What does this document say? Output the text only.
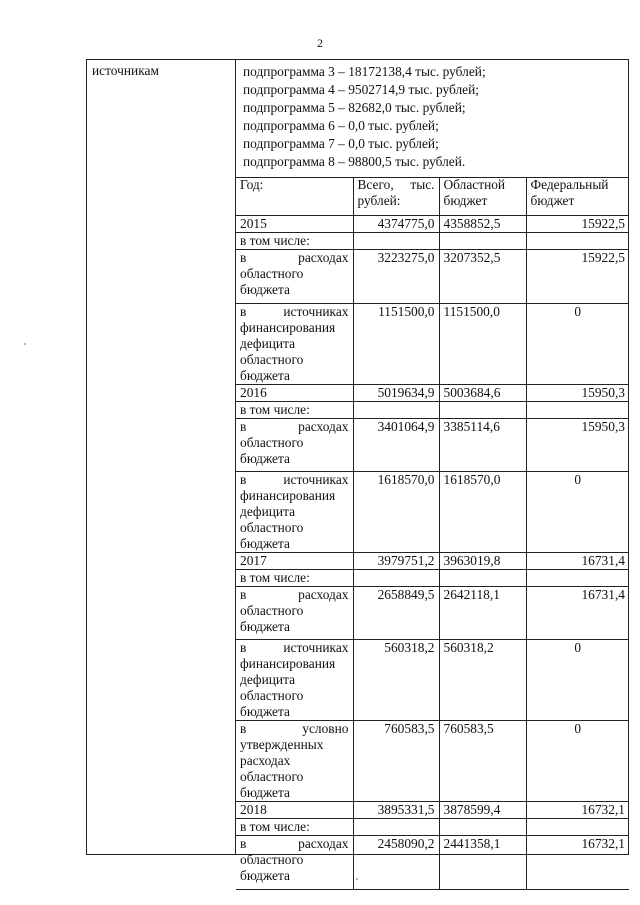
2
источникам	подпрограмма 3 – 18172138,4 тыс. рублей;
подпрограмма 4 – 9502714,9 тыс. рублей;
подпрограмма 5 – 82682,0 тыс. рублей;
подпрограмма 6 – 0,0 тыс. рублей;
подпрограмма 7 – 0,0 тыс. рублей;
подпрограмма 8 – 98800,5 тыс. рублей.
Год:	Всего, тыс. рублей:	Областной бюджет	Федеральный бюджет
2015	4374775,0	4358852,5	15922,5
в том числе:			
в расходах областного бюджета	3223275,0	3207352,5	15922,5
в источниках финансирования дефицита областного бюджета	1151500,0	1151500,0	0
2016	5019634,9	5003684,6	15950,3
в том числе:			
в расходах областного бюджета	3401064,9	3385114,6	15950,3
в источниках финансирования дефицита областного бюджета	1618570,0	1618570,0	0
2017	3979751,2	3963019,8	16731,4
в том числе:			
в расходах областного бюджета	2658849,5	2642118,1	16731,4
в источниках финансирования дефицита областного бюджета	560318,2	560318,2	0
в условно утвержденных расходах областного бюджета	760583,5	760583,5	0
2018	3895331,5	3878599,4	16732,1
в том числе:			
в расходах областного бюджета	2458090,2	2441358,1	16732,1
